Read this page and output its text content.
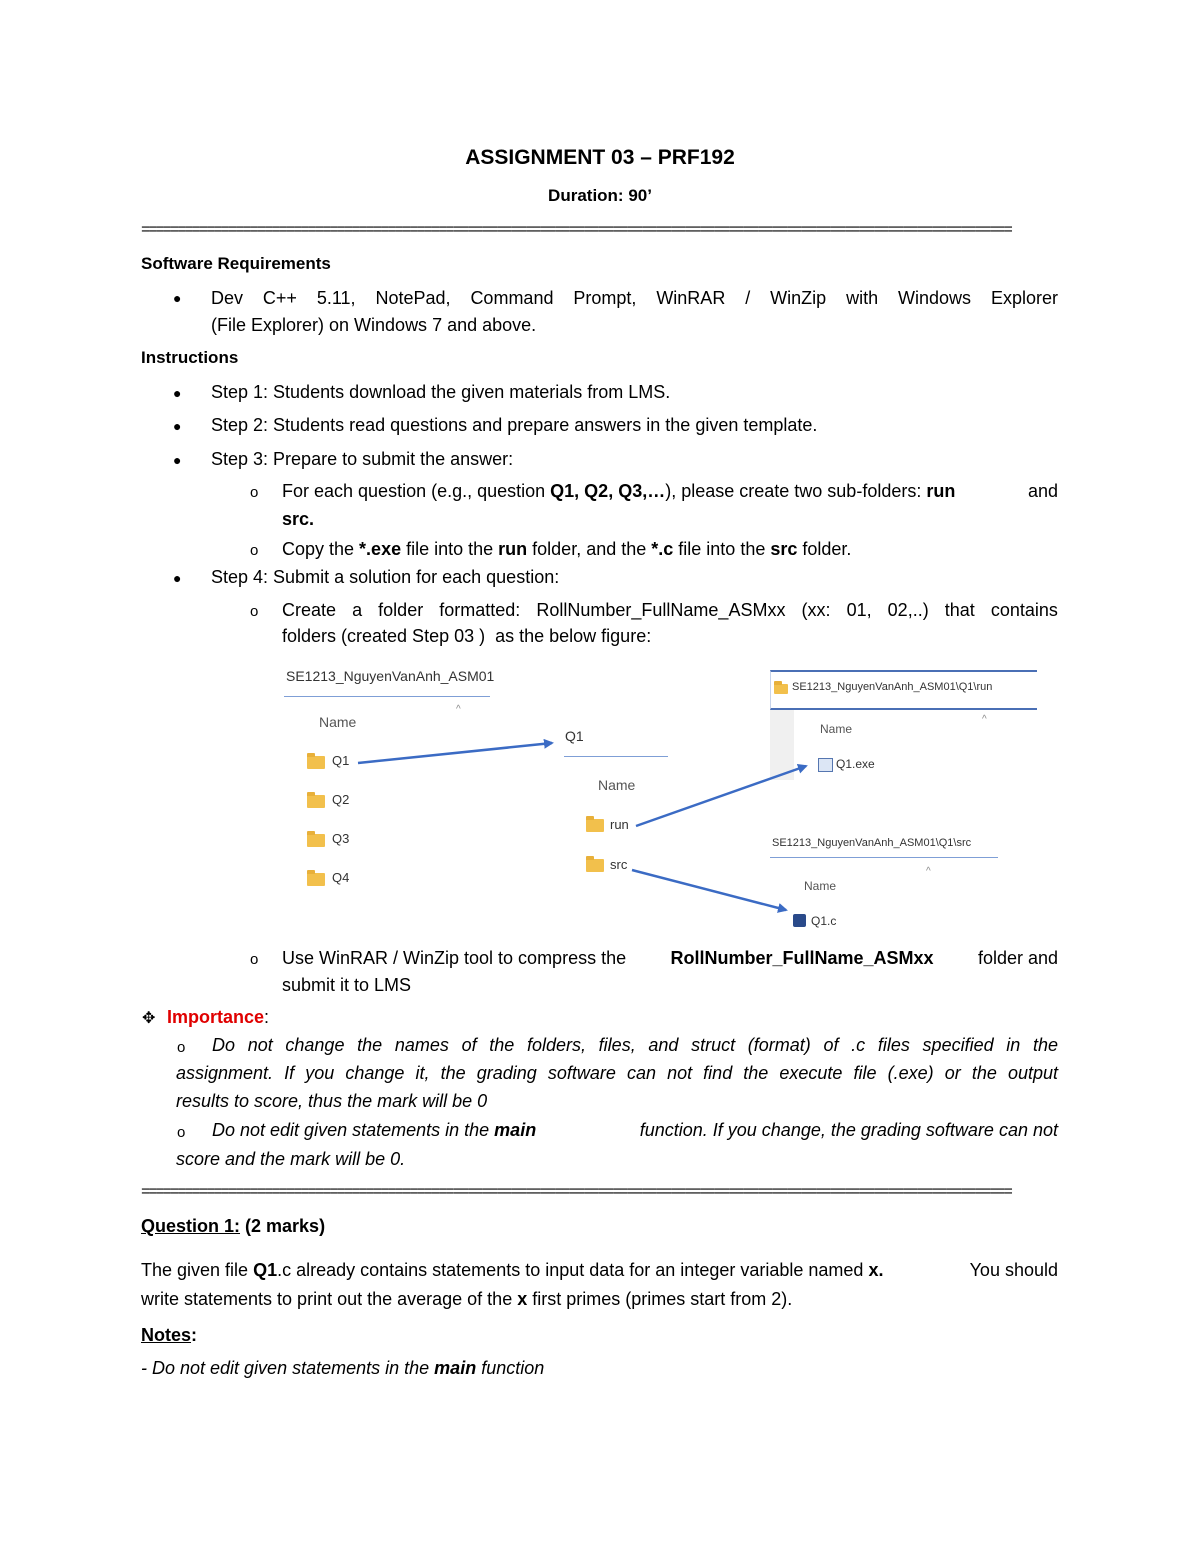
ASSIGNMENT 03 – PRF192
Duration: 90’
========================================================================================================================
Software Requirements
● Dev C++ 5.11, NotePad, Command Prompt, WinRAR / WinZip with Windows Explorer
(File Explorer) on Windows 7 and above.
Instructions
● Step 1: Students download the given materials from LMS.
● Step 2: Students read questions and prepare answers in the given template.
● Step 3: Prepare to submit the answer:
o For each question (e.g., question Q1, Q2, Q3,…), please create two sub-folders: run	and
src.
o Copy the *.exe file into the run folder, and the *.c file into the src folder.
● Step 4: Submit a solution for each question:
o Create a folder formatted: RollNumber_FullName_ASMxx (xx: 01, 02,..) that contains
folders (created Step 03 )  as the below figure:
SE1213_NguyenVanAnh_ASM01
Name
^
Q1
Q2
Q3
Q4
Q1
Name
run
src
SE1213_NguyenVanAnh_ASM01\Q1\run
Name
^
Q1.exe
SE1213_NguyenVanAnh_ASM01\Q1\src
Name
^
Q1.c
o Use WinRAR / WinZip tool to compress the RollNumber_FullName_ASMxx folder and
submit it to LMS
✥ Importance:
o Do not change the names of the folders, files, and struct (format) of .c files specified in the
assignment. If you change it, the grading software can not find the execute file (.exe) or the output
results to score, thus the mark will be 0
o Do not edit given statements in the main	function. If you change, the grading software can not
score and the mark will be 0.
========================================================================================================================
Question 1: (2 marks)
The given file Q1.c already contains statements to input data for an integer variable named x.	You should
write statements to print out the average of the x first primes (primes start from 2).
Notes:
- Do not edit given statements in the main function
